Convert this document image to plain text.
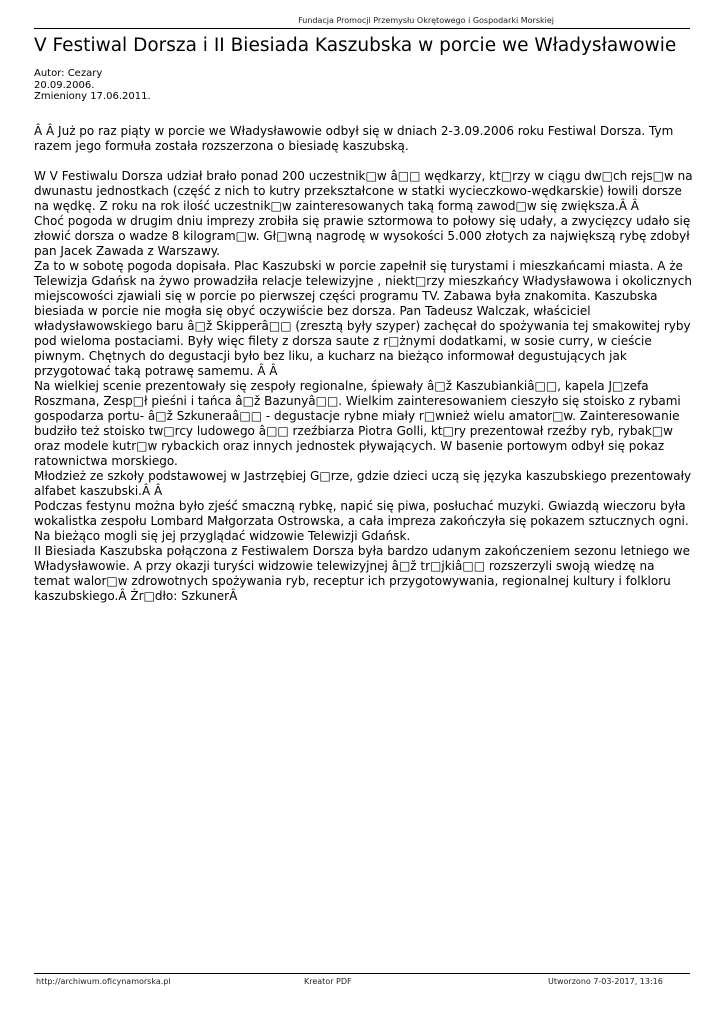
Fundacja Promocji Przemysłu Okrętowego i Gospodarki Morskiej
V Festiwal Dorsza i II Biesiada Kaszubska w porcie we Władysławowie
Autor: Cezary
20.09.2006.
Zmieniony 17.06.2011.

Â Â Już po raz piąty w porcie we Władysławowie odbył się w dniach 2-3.09.2006 roku Festiwal Dorsza. Tym razem jego formuła została rozszerzona o biesiadę kaszubską.

W V Festiwalu Dorsza udział brało ponad 200 uczestnik□w â□□ wędkarzy, kt□rzy w ciągu dw□ch rejs□w na dwunastu jednostkach (część z nich to kutry przekształcone w statki wycieczkowo-wędkarskie) łowili dorsze na wędkę. Z roku na rok ilość uczestnik□w zainteresowanych taką formą zawod□w się zwiększa.Â Â

Choć pogoda w drugim dniu imprezy zrobiła się prawie sztormowa to połowy się udały, a zwycięzcy udało się złowić dorsza o wadze 8 kilogram□w. Gł□wną nagrodę w wysokości 5.000 złotych za największą rybę zdobył pan Jacek Zawada z Warszawy.

Za to w sobotę pogoda dopisała. Plac Kaszubski w porcie zapełnił się turystami i mieszkańcami miasta. A że Telewizja Gdańsk na żywo prowadziła relacje telewizyjne , niekt□rzy mieszkańcy Władysławowa i okolicznych miejscowości zjawiali się w porcie po pierwszej części programu TV. Zabawa była znakomita. Kaszubska biesiada w porcie nie mogła się obyć oczywiście bez dorsza. Pan Tadeusz Walczak, właściciel władysławowskiego baru â□ž Skipperâ□□ (zresztą były szyper) zachęcał do spożywania tej smakowitej ryby pod wieloma postaciami. Były więc filety z dorsza saute z r□żnymi dodatkami, w sosie curry, w cieście piwnym. Chętnych do degustacji było bez liku, a kucharz na bieżąco informował degustujących jak przygotować taką potrawę samemu. Â Â

Na wielkiej scenie prezentowały się zespoły regionalne, śpiewały â□ž Kaszubiankiâ□□, kapela J□zefa Roszmana, Zesp□ł pieśni i tańca â□ž Bazunyâ□□. Wielkim zainteresowaniem cieszyło się stoisko z rybami gospodarza portu- â□ž Szkuneraâ□□ - degustacje rybne miały r□wnież wielu amator□w. Zainteresowanie budziło też stoisko tw□rcy ludowego â□□ rzeźbiarza Piotra Golli, kt□ry prezentował rzeźby ryb, rybak□w oraz modele kutr□w rybackich oraz innych jednostek pływających. W basenie portowym odbył się pokaz ratownictwa morskiego.

Młodzież ze szkoły podstawowej w Jastrzębiej G□rze, gdzie dzieci uczą się języka kaszubskiego prezentowały alfabet kaszubski.Â Â

Podczas festynu można było zjeść smaczną rybkę, napić się piwa, posłuchać muzyki. Gwiazdą wieczoru była wokalistka zespołu Lombard Małgorzata Ostrowska, a cała impreza zakończyła się pokazem sztucznych ogni. Na bieżąco mogli się jej przyglądać widzowie Telewizji Gdańsk.

II Biesiada Kaszubska połączona z Festiwalem Dorsza była bardzo udanym zakończeniem sezonu letniego we Władysławowie. A przy okazji turyści widzowie telewizyjnej â□ž tr□jkiâ□□ rozszerzyli swoją wiedzę na temat walor□w zdrowotnych spożywania ryb, receptur ich przygotowywania, regionalnej kultury i folkloru kaszubskiego.Â Źr□dło: SzkunerÂ

http://archiwum.oficynamorska.pl	Kreator PDF	Utworzono 7-03-2017, 13:16
